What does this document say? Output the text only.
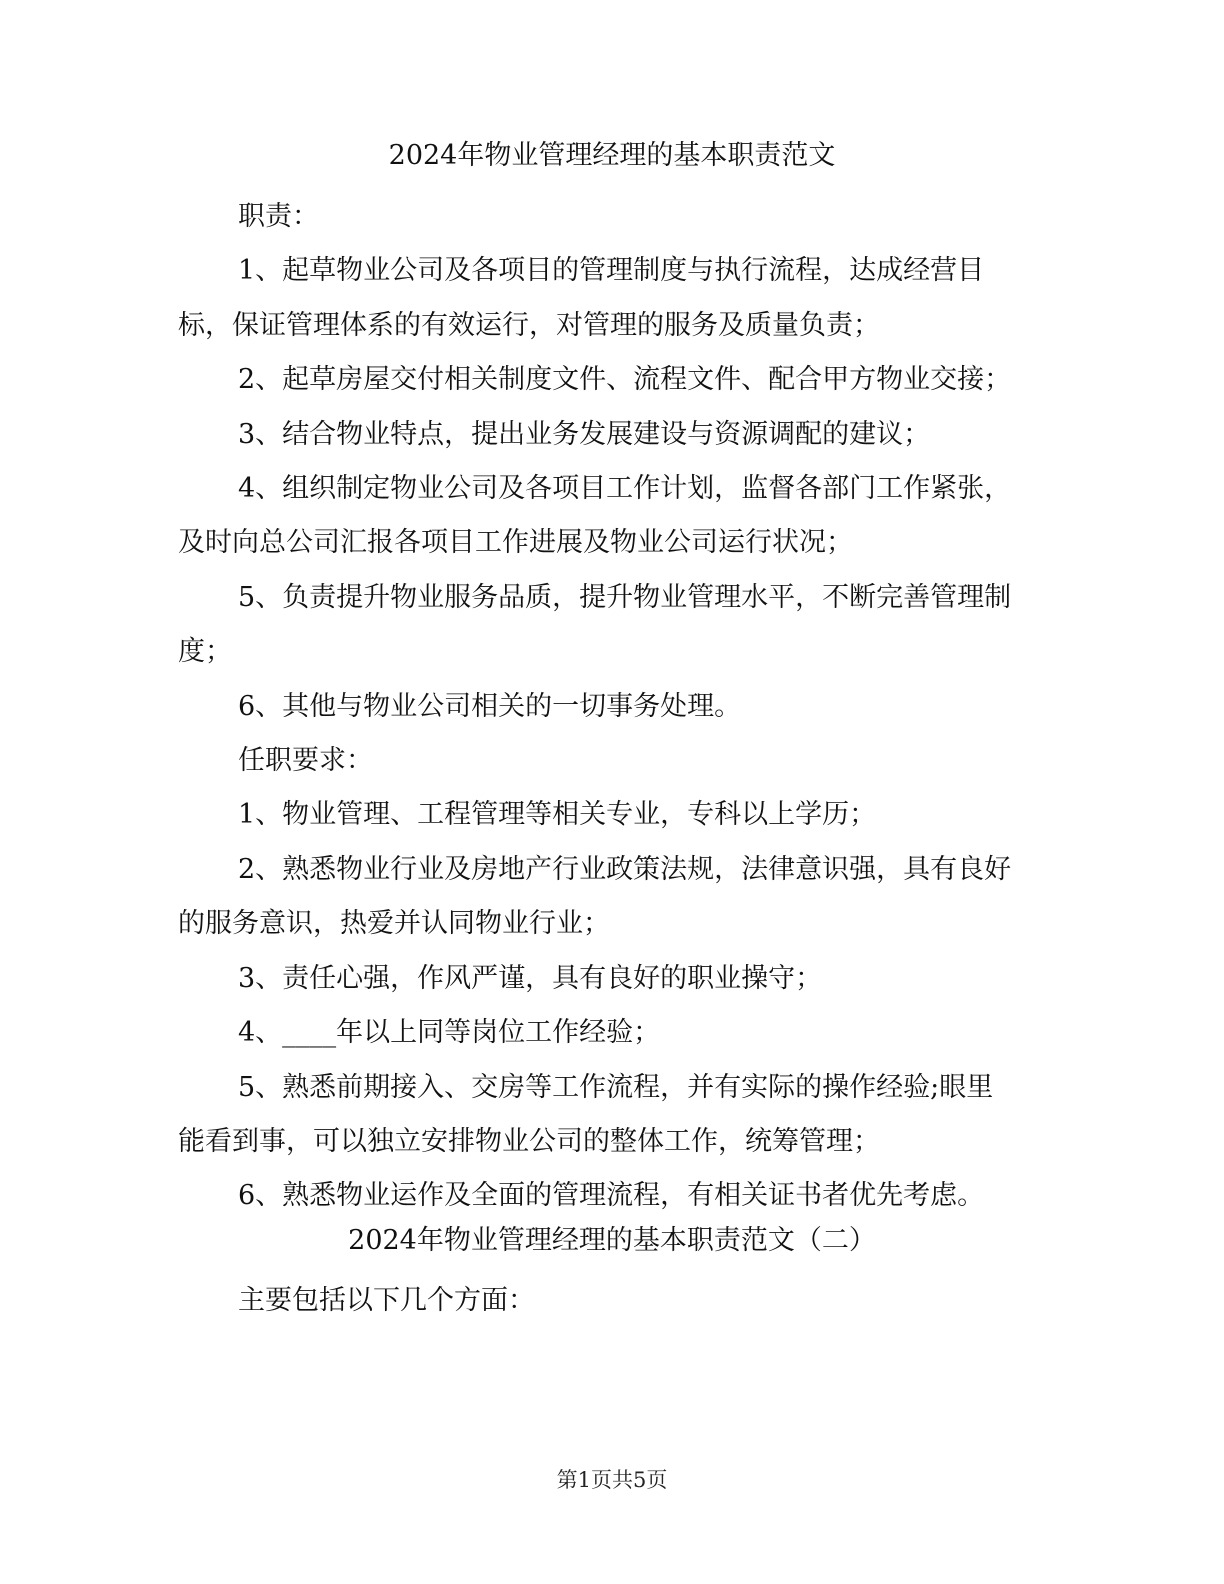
2024年物业管理经理的基本职责范文

职责：

1、起草物业公司及各项目的管理制度与执行流程，达成经营目
标，保证管理体系的有效运行，对管理的服务及质量负责；

2、起草房屋交付相关制度文件、流程文件、配合甲方物业交接；

3、结合物业特点，提出业务发展建设与资源调配的建议；

4、组织制定物业公司及各项目工作计划，监督各部门工作紧张，
及时向总公司汇报各项目工作进展及物业公司运行状况；

5、负责提升物业服务品质，提升物业管理水平，不断完善管理制
度；

6、其他与物业公司相关的一切事务处理。

任职要求：

1、物业管理、工程管理等相关专业，专科以上学历；

2、熟悉物业行业及房地产行业政策法规，法律意识强，具有良好
的服务意识，热爱并认同物业行业；

3、责任心强，作风严谨，具有良好的职业操守；

4、____年以上同等岗位工作经验；

5、熟悉前期接入、交房等工作流程，并有实际的操作经验;眼里
能看到事，可以独立安排物业公司的整体工作，统筹管理；

6、熟悉物业运作及全面的管理流程，有相关证书者优先考虑。

2024年物业管理经理的基本职责范文（二）

主要包括以下几个方面：

第1页共5页
